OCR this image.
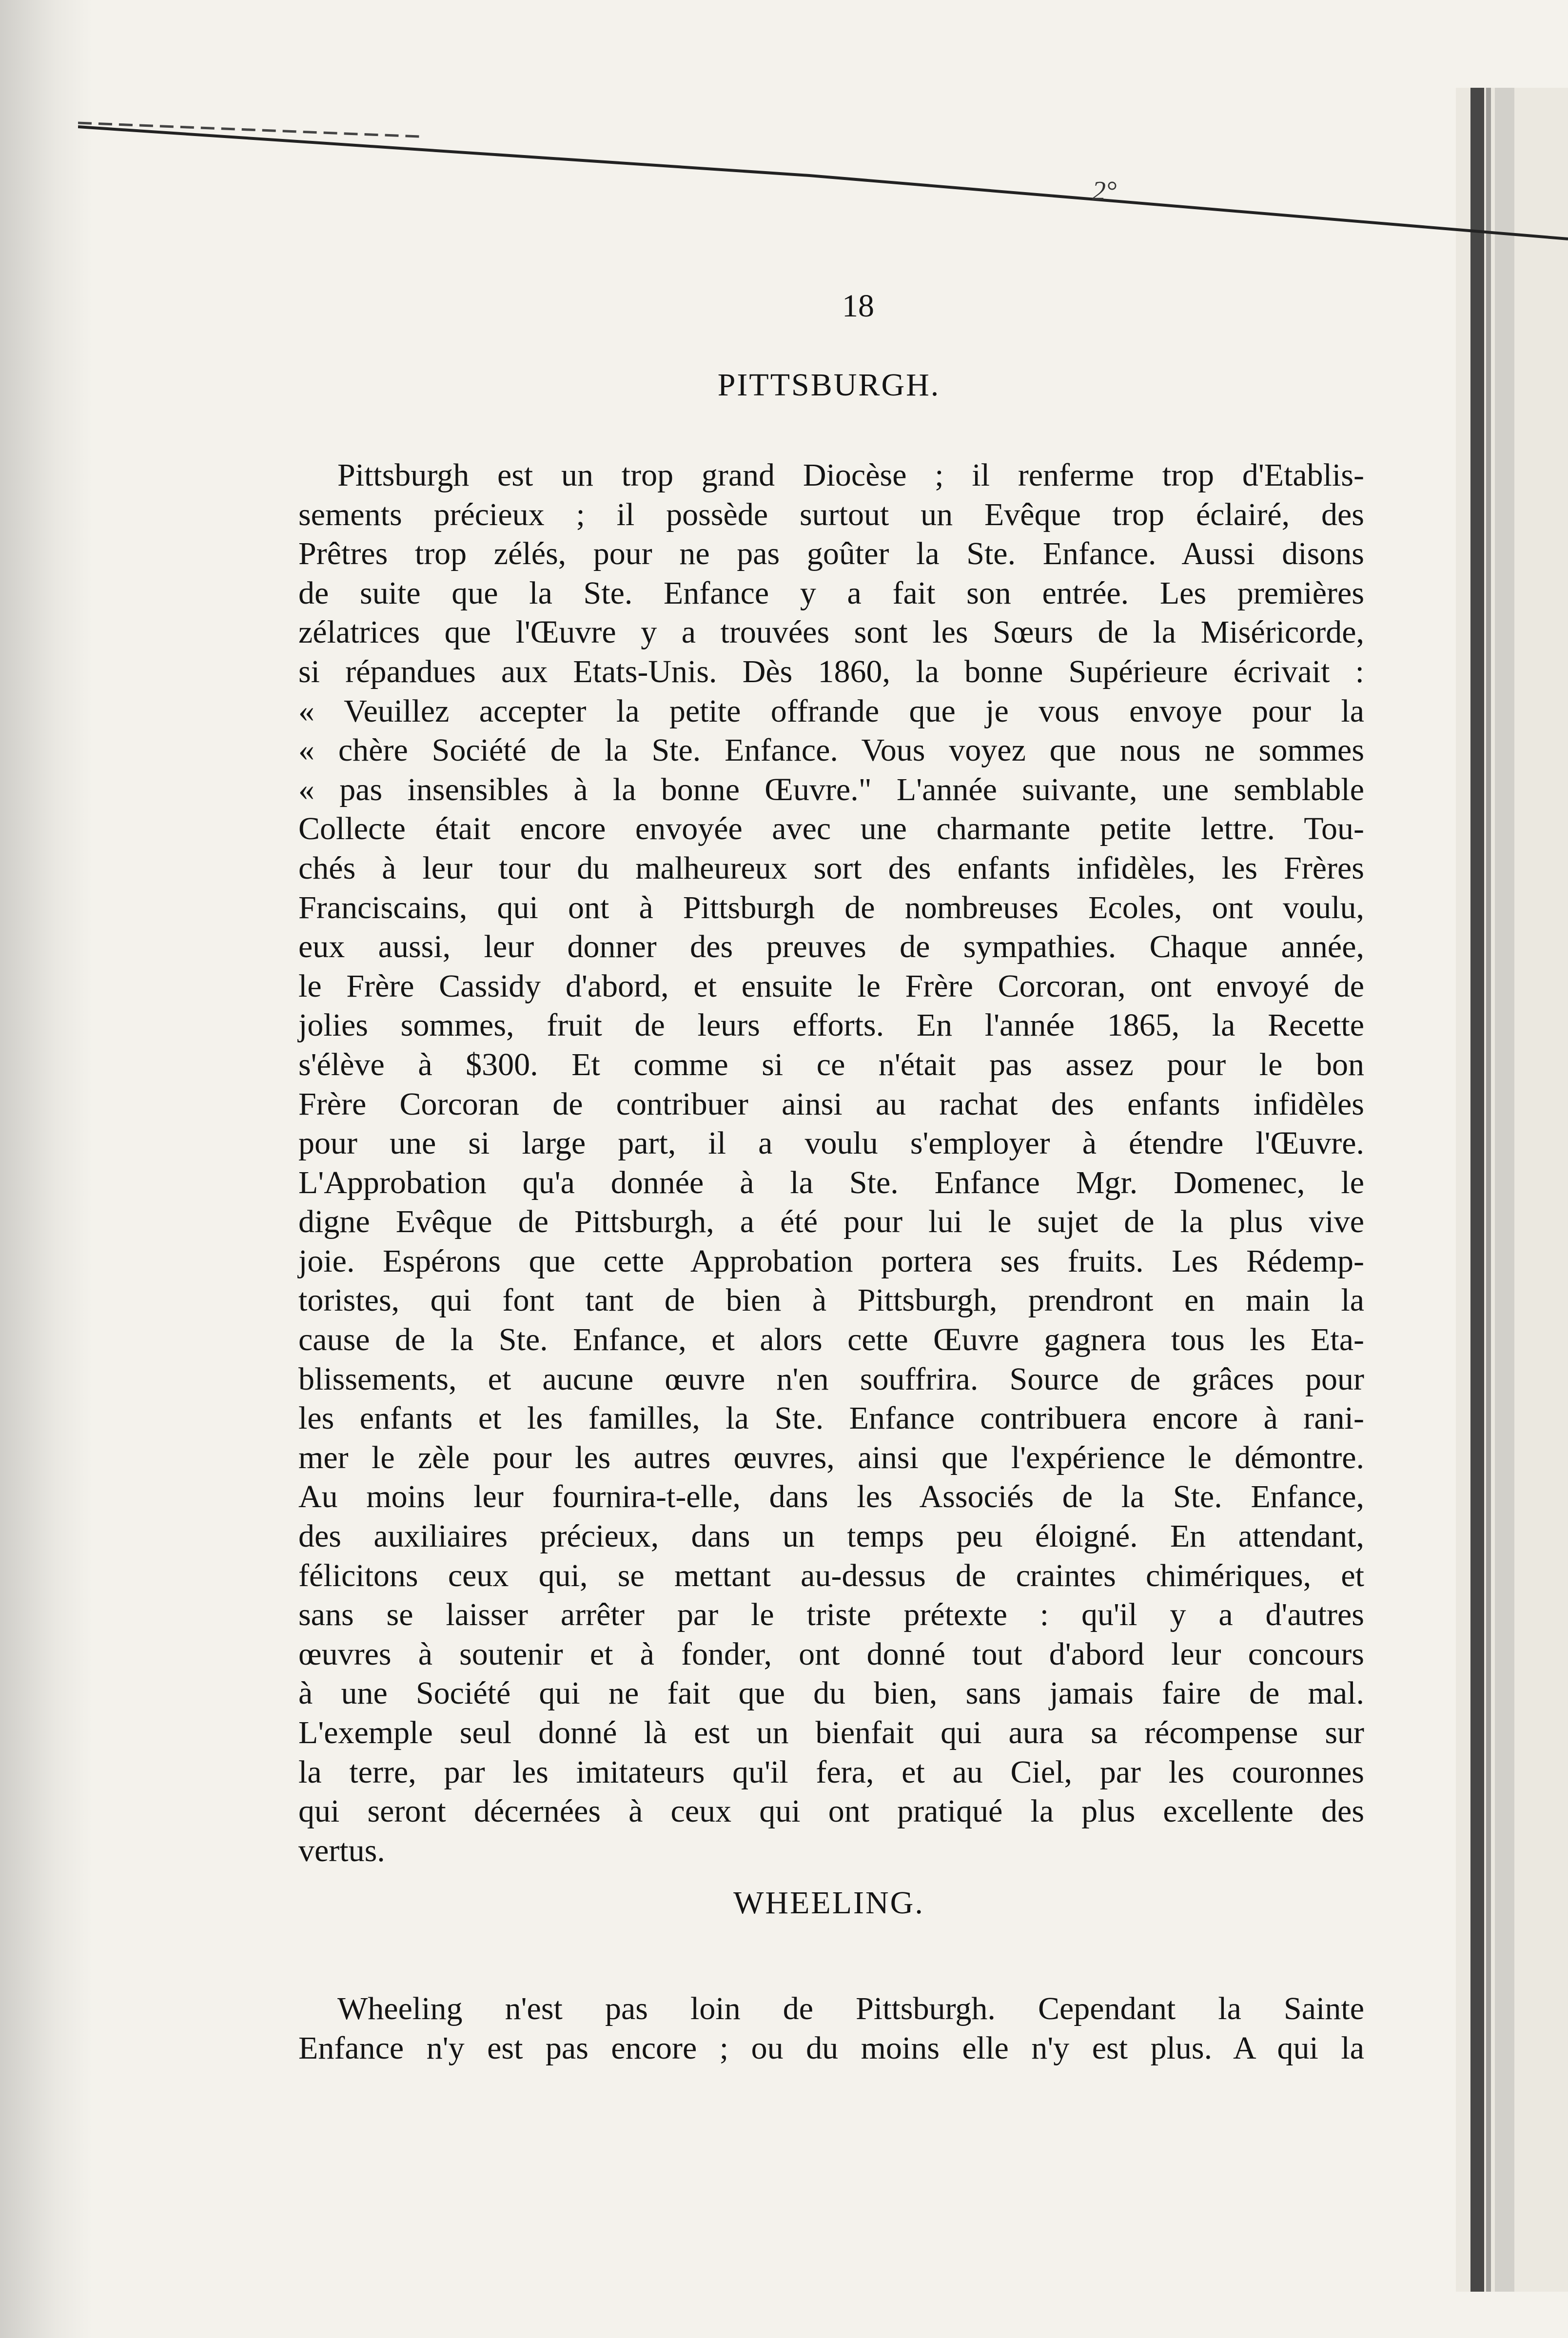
2°
18
PITTSBURGH.
Pittsburgh est un trop grand Diocèse ; il renferme trop d'Etablis-
sements précieux ; il possède surtout un Evêque trop éclairé, des
Prêtres trop zélés, pour ne pas goûter la Ste. Enfance. Aussi disons
de suite que la Ste. Enfance y a fait son entrée. Les premières
zélatrices que l'Œuvre y a trouvées sont les Sœurs de la Miséricorde,
si répandues aux Etats-Unis. Dès 1860, la bonne Supérieure écrivait :
« Veuillez accepter la petite offrande que je vous envoye pour la
« chère Société de la Ste. Enfance. Vous voyez que nous ne sommes
« pas insensibles à la bonne Œuvre." L'année suivante, une semblable
Collecte était encore envoyée avec une charmante petite lettre. Tou-
chés à leur tour du malheureux sort des enfants infidèles, les Frères
Franciscains, qui ont à Pittsburgh de nombreuses Ecoles, ont voulu,
eux aussi, leur donner des preuves de sympathies. Chaque année,
le Frère Cassidy d'abord, et ensuite le Frère Corcoran, ont envoyé de
jolies sommes, fruit de leurs efforts. En l'année 1865, la Recette
s'élève à $300. Et comme si ce n'était pas assez pour le bon
Frère Corcoran de contribuer ainsi au rachat des enfants infidèles
pour une si large part, il a voulu s'employer à étendre l'Œuvre.
L'Approbation qu'a donnée à la Ste. Enfance Mgr. Domenec, le
digne Evêque de Pittsburgh, a été pour lui le sujet de la plus vive
joie. Espérons que cette Approbation portera ses fruits. Les Rédemp-
toristes, qui font tant de bien à Pittsburgh, prendront en main la
cause de la Ste. Enfance, et alors cette Œuvre gagnera tous les Eta-
blissements, et aucune œuvre n'en souffrira. Source de grâces pour
les enfants et les familles, la Ste. Enfance contribuera encore à rani-
mer le zèle pour les autres œuvres, ainsi que l'expérience le démontre.
Au moins leur fournira-t-elle, dans les Associés de la Ste. Enfance,
des auxiliaires précieux, dans un temps peu éloigné. En attendant,
félicitons ceux qui, se mettant au-dessus de craintes chimériques, et
sans se laisser arrêter par le triste prétexte : qu'il y a d'autres
œuvres à soutenir et à fonder, ont donné tout d'abord leur concours
à une Société qui ne fait que du bien, sans jamais faire de mal.
L'exemple seul donné là est un bienfait qui aura sa récompense sur
la terre, par les imitateurs qu'il fera, et au Ciel, par les couronnes
qui seront décernées à ceux qui ont pratiqué la plus excellente des
vertus.
WHEELING.
Wheeling n'est pas loin de Pittsburgh. Cependant la Sainte
Enfance n'y est pas encore ; ou du moins elle n'y est plus. A qui la
